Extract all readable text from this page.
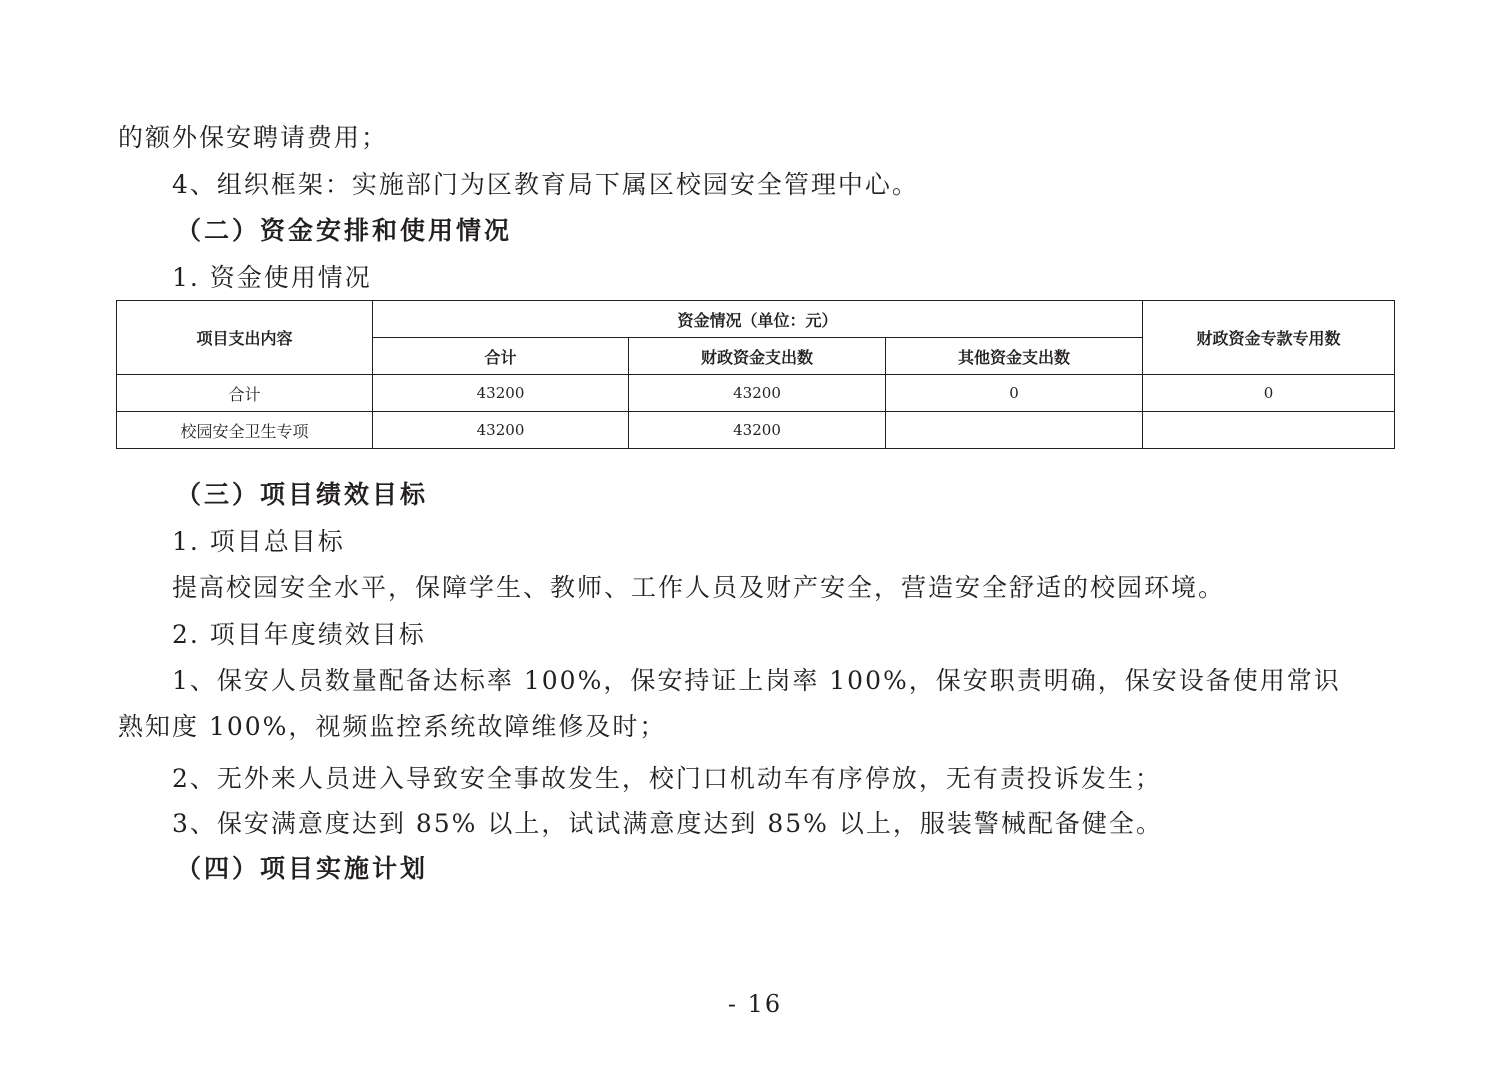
的额外保安聘请费用；
4、组织框架：实施部门为区教育局下属区校园安全管理中心。
（二）资金安排和使用情况
1. 资金使用情况
项目支出内容	资金情况（单位：元）			财政资金专款专用数
	合计	财政资金支出数	其他资金支出数	
合计	43200	43200	0	0
校园安全卫生专项	43200	43200		
（三）项目绩效目标
1. 项目总目标
提高校园安全水平，保障学生、教师、工作人员及财产安全，营造安全舒适的校园环境。
2. 项目年度绩效目标
1、保安人员数量配备达标率 100%，保安持证上岗率 100%，保安职责明确，保安设备使用常识
熟知度 100%，视频监控系统故障维修及时；
2、无外来人员进入导致安全事故发生，校门口机动车有序停放，无有责投诉发生；
3、保安满意度达到 85% 以上，试试满意度达到 85% 以上，服装警械配备健全。
（四）项目实施计划
- 16
